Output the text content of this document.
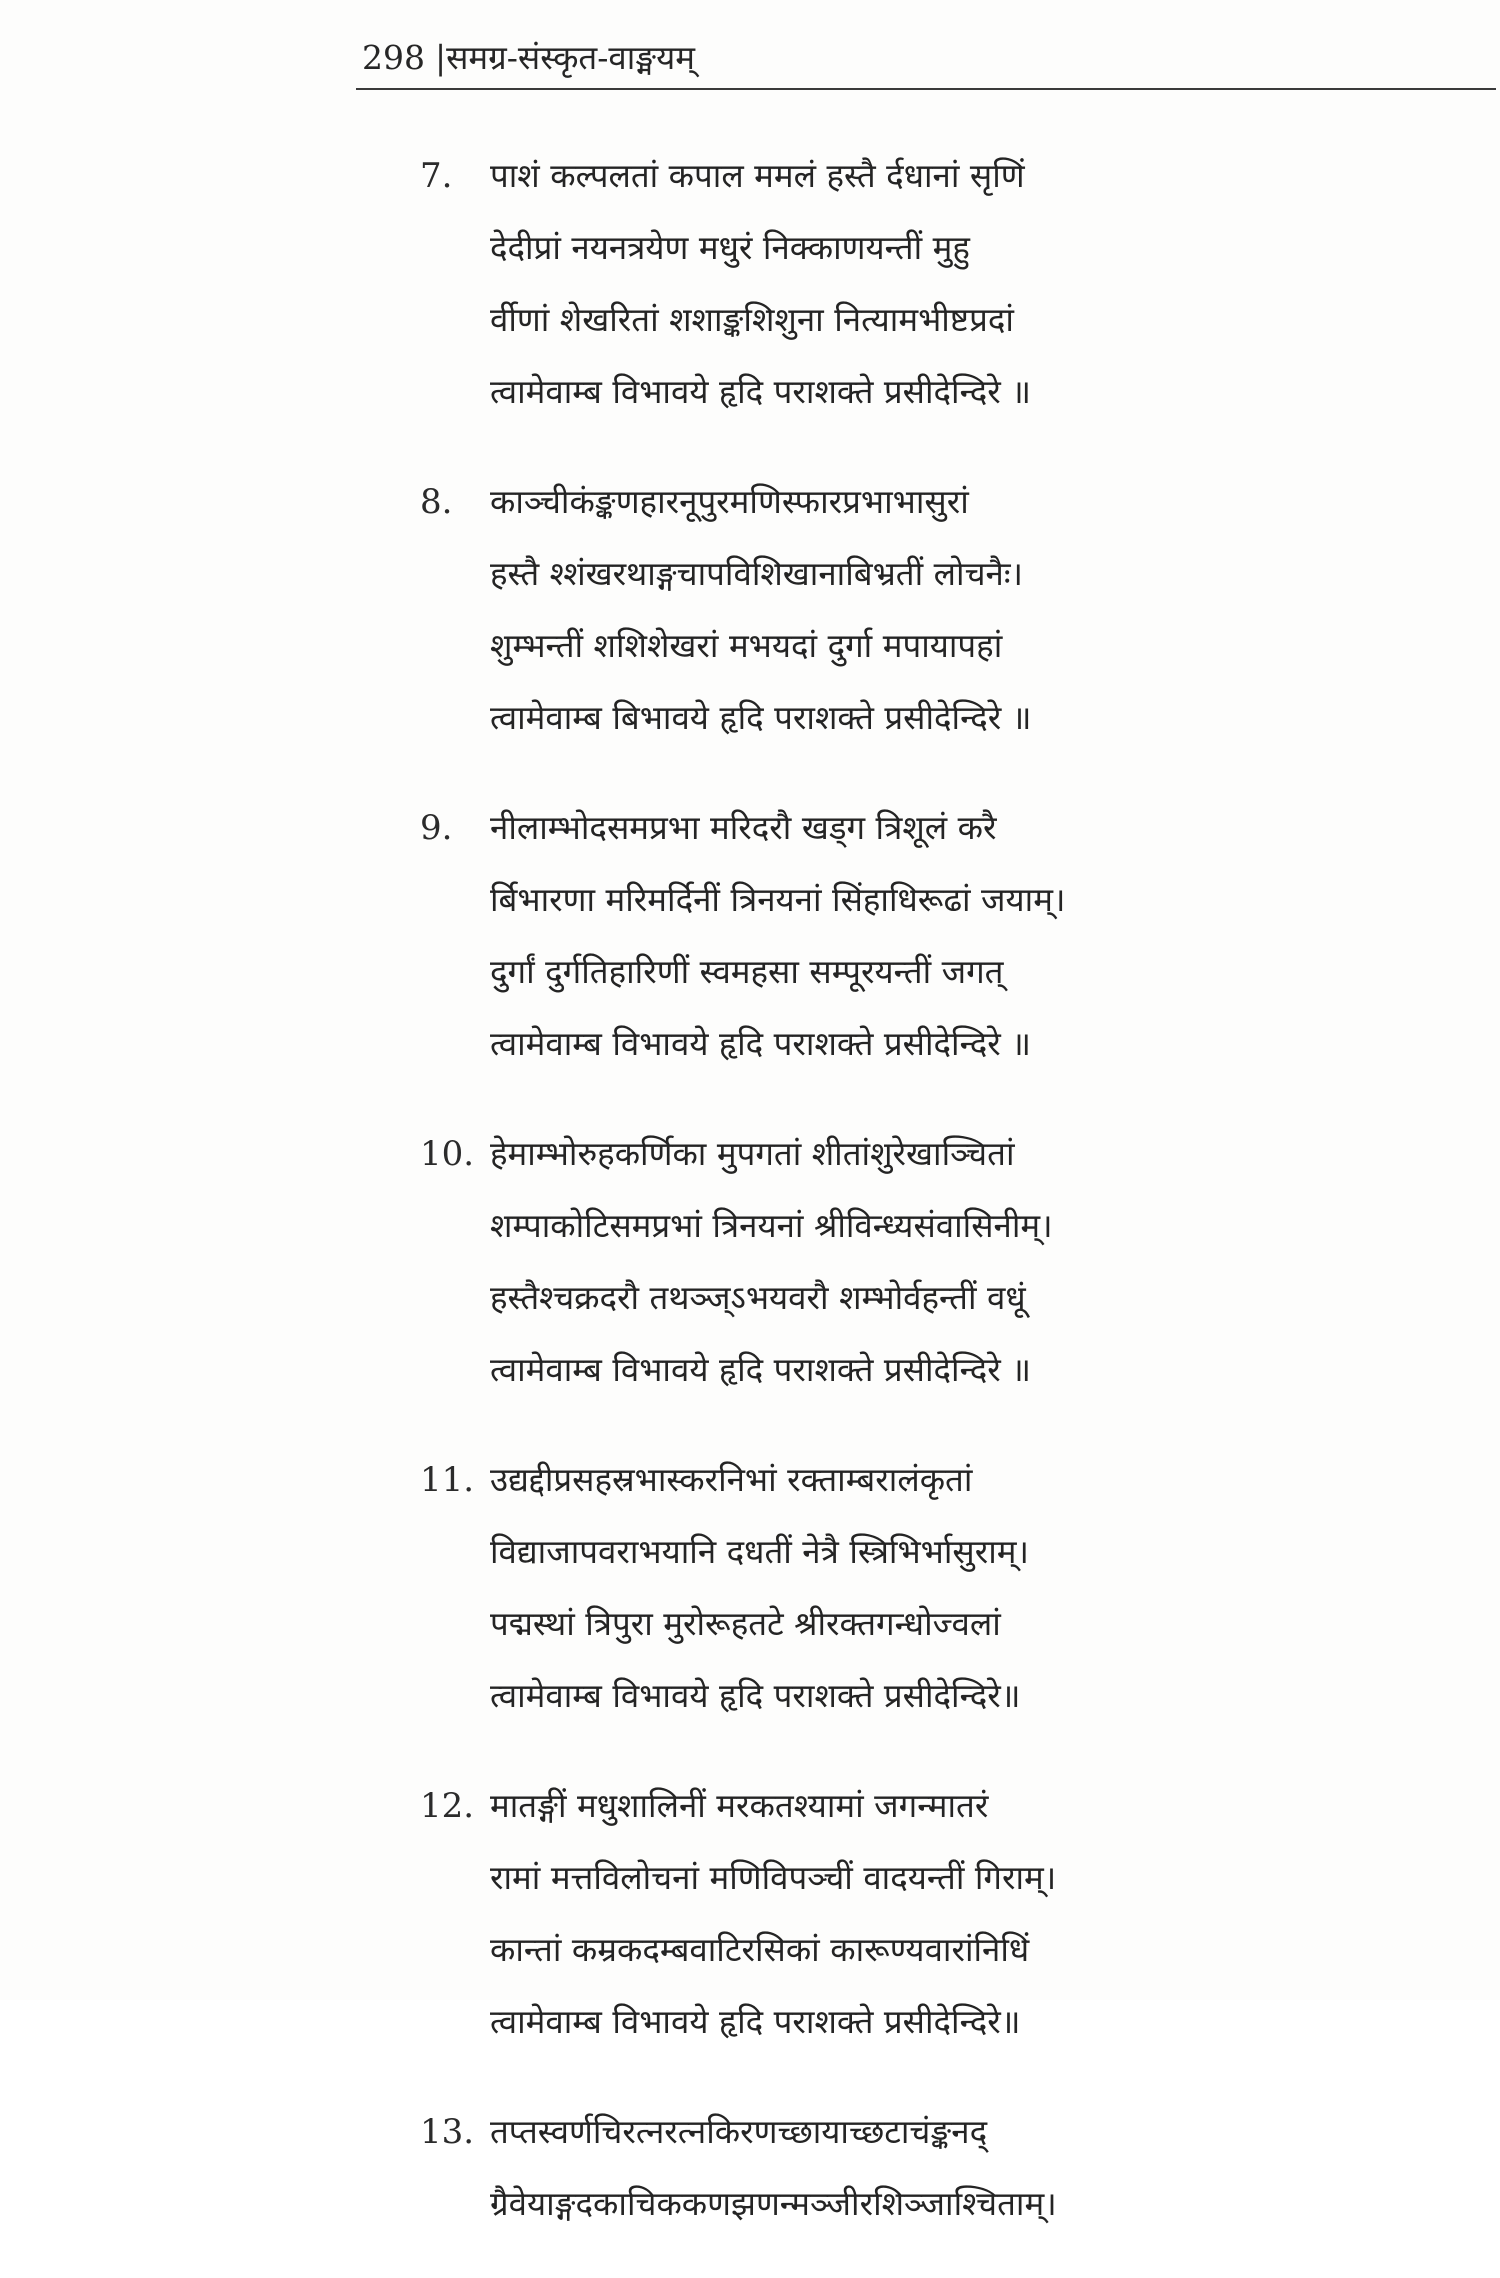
298 |समग्र-संस्कृत-वाङ्मयम्
7. पाशं कल्पलतां कपाल ममलं हस्तै र्दधानां सृणिं
देदीप्रां नयनत्रयेण मधुरं निक्काणयन्तीं मुहु
र्वीणां शेखरितां शशाङ्कशिशुना नित्यामभीष्टप्रदां
त्वामेवाम्ब विभावये हृदि पराशक्ते प्रसीदेन्दिरे ॥
8. काञ्चीकंङ्कणहारनूपुरमणिस्फारप्रभाभासुरां
हस्तै श्शंखरथाङ्गचापविशिखानाबिभ्रतीं लोचनैः।
शुम्भन्तीं शशिशेखरां मभयदां दुर्गा मपायापहां
त्वामेवाम्ब बिभावये हृदि पराशक्ते प्रसीदेन्दिरे ॥
9. नीलाम्भोदसमप्रभा मरिदरौ खड्ग त्रिशूलं करै
र्बिभारणा मरिमर्दिनीं त्रिनयनां सिंहाधिरूढां जयाम्।
दुर्गां दुर्गतिहारिणीं स्वमहसा सम्पूरयन्तीं जगत्
त्वामेवाम्ब विभावये हृदि पराशक्ते प्रसीदेन्दिरे ॥
10. हेमाम्भोरुहकर्णिका मुपगतां शीतांशुरेखाञ्चितां
शम्पाकोटिसमप्रभां त्रिनयनां श्रीविन्ध्यसंवासिनीम्।
हस्तैश्चक्रदरौ तथञ्ज्ऽभयवरौ शम्भोर्वहन्तीं वधूं
त्वामेवाम्ब विभावये हृदि पराशक्ते प्रसीदेन्दिरे ॥
11. उद्यद्दीप्रसहस्रभास्करनिभां रक्ताम्बरालंकृतां
विद्याजापवराभयानि दधतीं नेत्रै स्त्रिभिर्भासुराम्।
पद्मस्थां त्रिपुरा मुरोरूहतटे श्रीरक्तगन्धोज्वलां
त्वामेवाम्ब विभावये हृदि पराशक्ते प्रसीदेन्दिरे॥
12. मातङ्गीं मधुशालिनीं मरकतश्यामां जगन्मातरं
रामां मत्तविलोचनां मणिविपञ्चीं वादयन्तीं गिराम्।
कान्तां कम्रकदम्बवाटिरसिकां कारूण्यवारांनिधिं
त्वामेवाम्ब विभावये हृदि पराशक्ते प्रसीदेन्दिरे॥
13. तप्तस्वर्णचिरत्नरत्नकिरणच्छायाच्छटाचंङ्कनद्
ग्रैवेयाङ्गदकाचिककणझणन्मञ्जीरशिञ्जाश्चिताम्।
